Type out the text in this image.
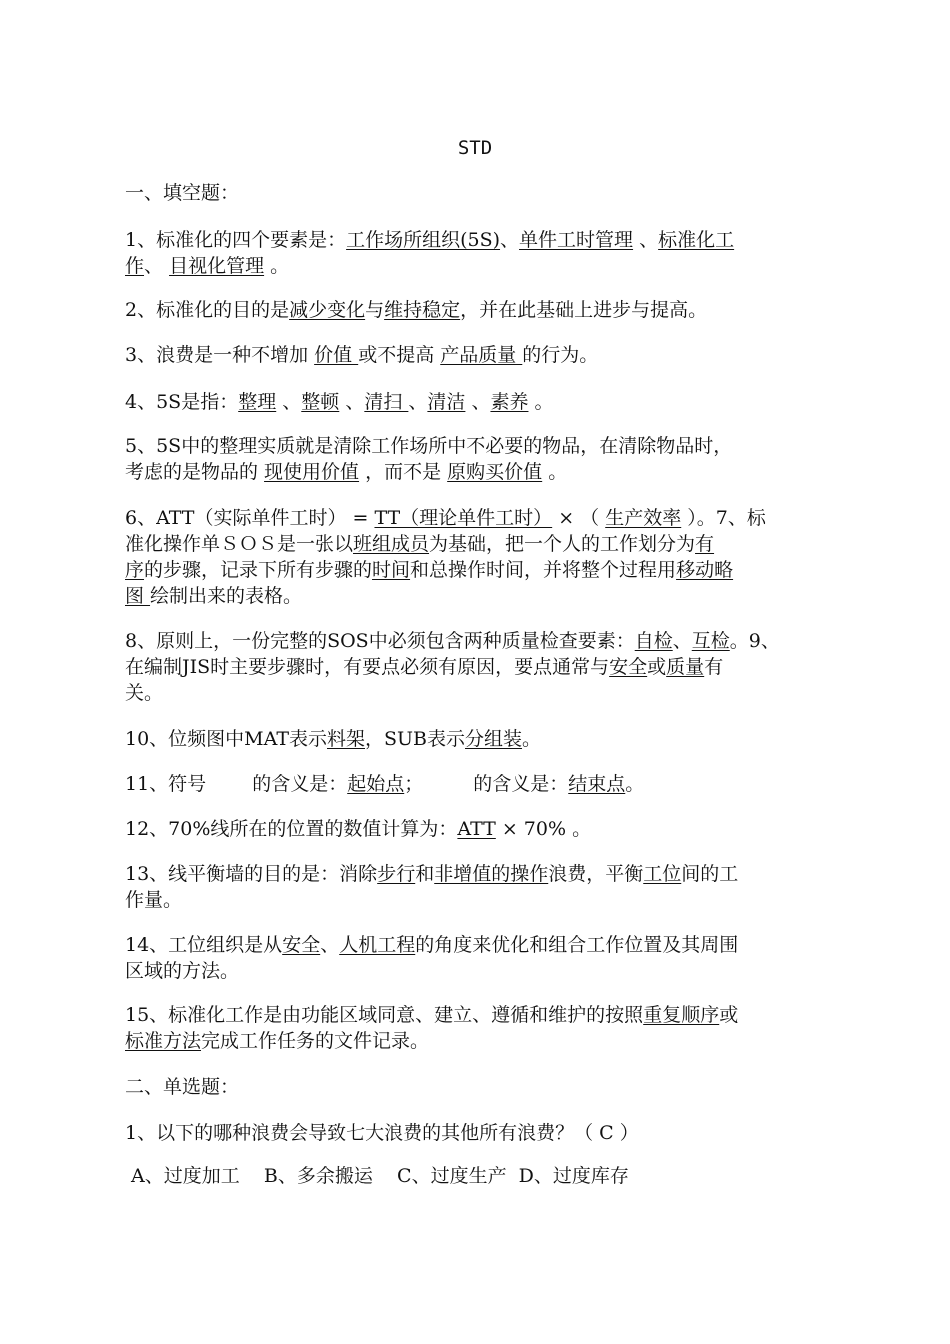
STD
一、填空题：
1、标准化的四个要素是：工作场所组织(5S)、单件工时管理 、标准化工
作、 目视化管理 。
2、标准化的目的是减少变化与维持稳定，并在此基础上进步与提高。
3、浪费是一种不增加 价值 或不提高 产品质量 的行为。
4、5S是指：整理 、整顿 、清扫 、清洁 、素养 。
5、5S中的整理实质就是清除工作场所中不必要的物品，在清除物品时，
考虑的是物品的 现使用价值 ，而不是 原购买价值 。
6、ATT（实际单件工时） = TT（理论单件工时） × （ 生产效率 ）。7、标
准化操作单ＳＯＳ是一张以班组成员为基础，把一个人的工作划分为有
序的步骤，记录下所有步骤的时间和总操作时间，并将整个过程用移动略
图 绘制出来的表格。
8、原则上，一份完整的SOS中必须包含两种质量检查要素：自检、互检。9、
在编制JIS时主要步骤时，有要点必须有原因，要点通常与安全或质量有
关。
10、位频图中MAT表示料架，SUB表示分组装。
11、符号 的含义是：起始点；	的含义是：结束点。
12、70%线所在的位置的数值计算为：ATT × 70% 。
13、线平衡墙的目的是：消除步行和非增值的操作浪费，平衡工位间的工
作量。
14、工位组织是从安全、人机工程的角度来优化和组合工作位置及其周围
区域的方法。
15、标准化工作是由功能区域同意、建立、遵循和维护的按照重复顺序或
标准方法完成工作任务的文件记录。
二、单选题：
1、以下的哪种浪费会导致七大浪费的其他所有浪费？（ C ）
A、过度加工    B、多余搬运    C、过度生产  D、过度库存
